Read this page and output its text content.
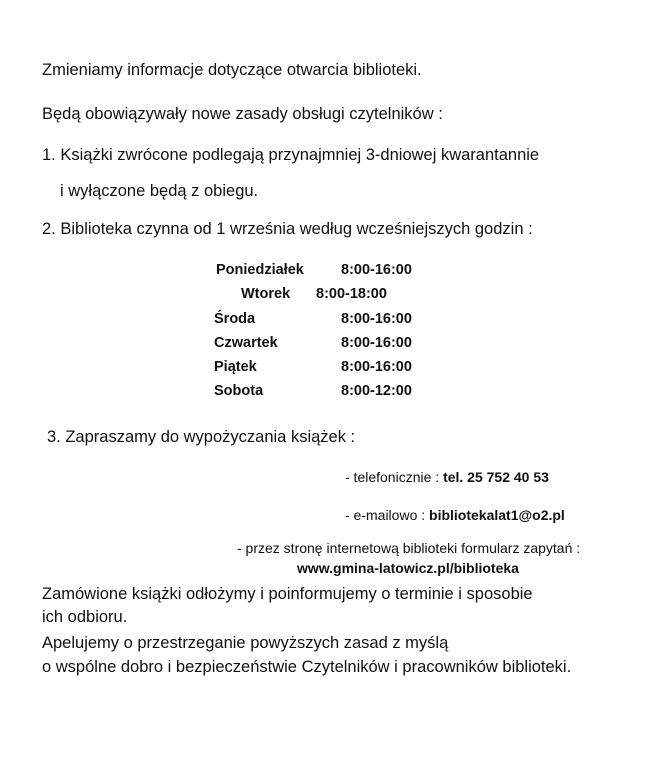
Zmieniamy informacje dotyczące otwarcia biblioteki.
Będą obowiązywały nowe zasady obsługi czytelników :
1. Książki zwrócone podlegają przynajmniej 3-dniowej kwarantannie
i wyłączone będą z obiegu.
2. Biblioteka czynna od 1 września według wcześniejszych godzin :
Poniedziałek	8:00-16:00
Wtorek 8:00-18:00
Środa	8:00-16:00
Czwartek	8:00-16:00
Piątek	8:00-16:00
Sobota	8:00-12:00
3. Zapraszamy do wypożyczania książek :
- telefonicznie : tel. 25 752 40 53
- e-mailowo : bibliotekalat1@o2.pl
- przez stronę internetową biblioteki formularz zapytań :
www.gmina-latowicz.pl/biblioteka
Zamówione książki odłożymy i poinformujemy o terminie i sposobie
ich odbioru.
Apelujemy o przestrzeganie powyższych zasad z myślą
o wspólne dobro i bezpieczeństwie Czytelników i pracowników biblioteki.
